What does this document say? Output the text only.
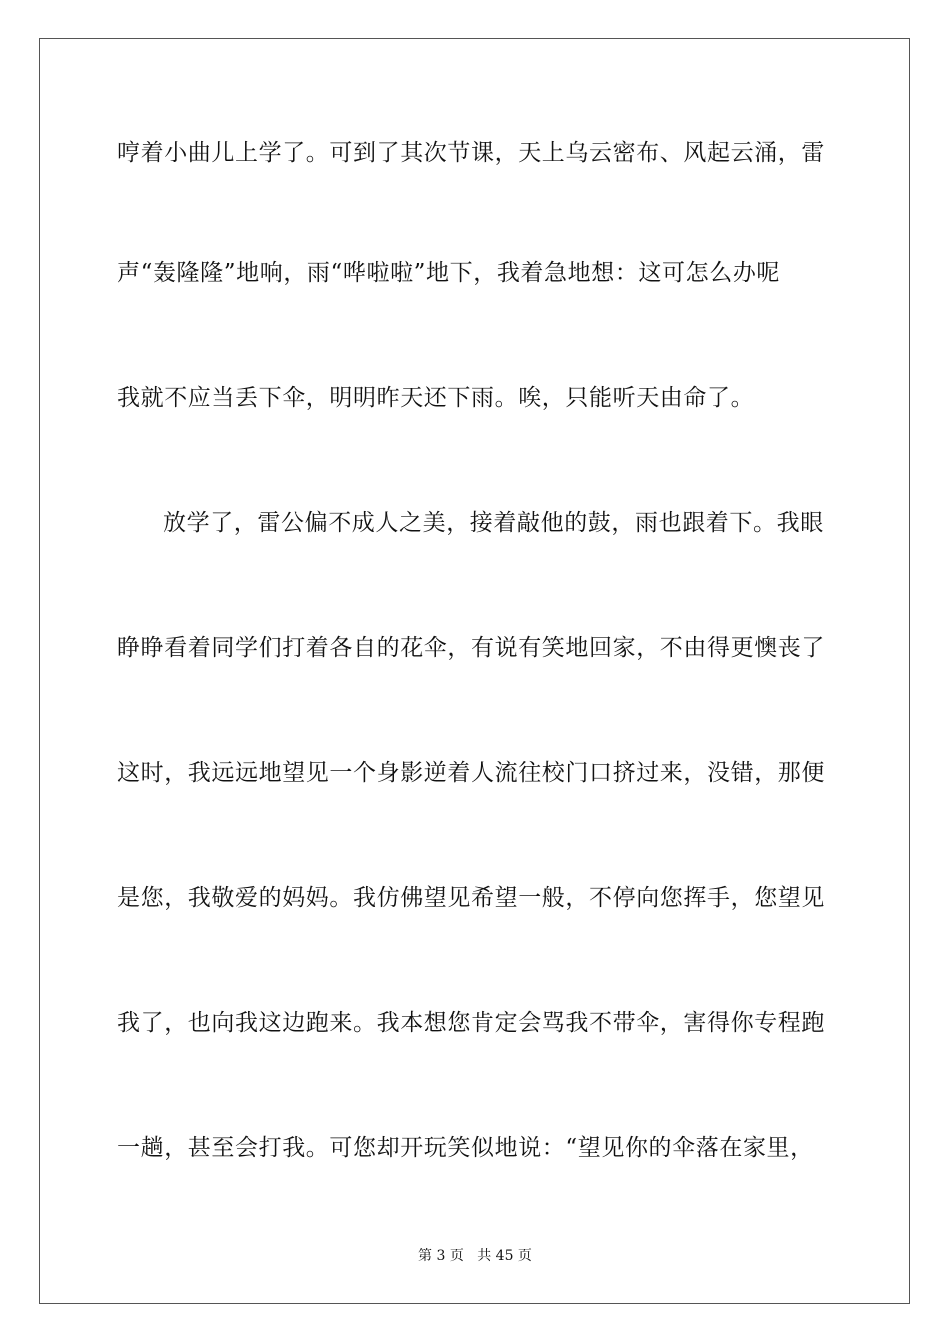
哼着小曲儿上学了。可到了其次节课，天上乌云密布、风起云涌，雷
声“轰隆隆”地响，雨“哗啦啦”地下，我着急地想：这可怎么办呢
我就不应当丢下伞，明明昨天还下雨。唉，只能听天由命了。
放学了，雷公偏不成人之美，接着敲他的鼓，雨也跟着下。我眼
睁睁看着同学们打着各自的花伞，有说有笑地回家，不由得更懊丧了
这时，我远远地望见一个身影逆着人流往校门口挤过来，没错，那便
是您，我敬爱的妈妈。我仿佛望见希望一般，不停向您挥手，您望见
我了，也向我这边跑来。我本想您肯定会骂我不带伞，害得你专程跑
一趟，甚至会打我。可您却开玩笑似地说：“望见你的伞落在家里，
第 3 页 共 45 页
